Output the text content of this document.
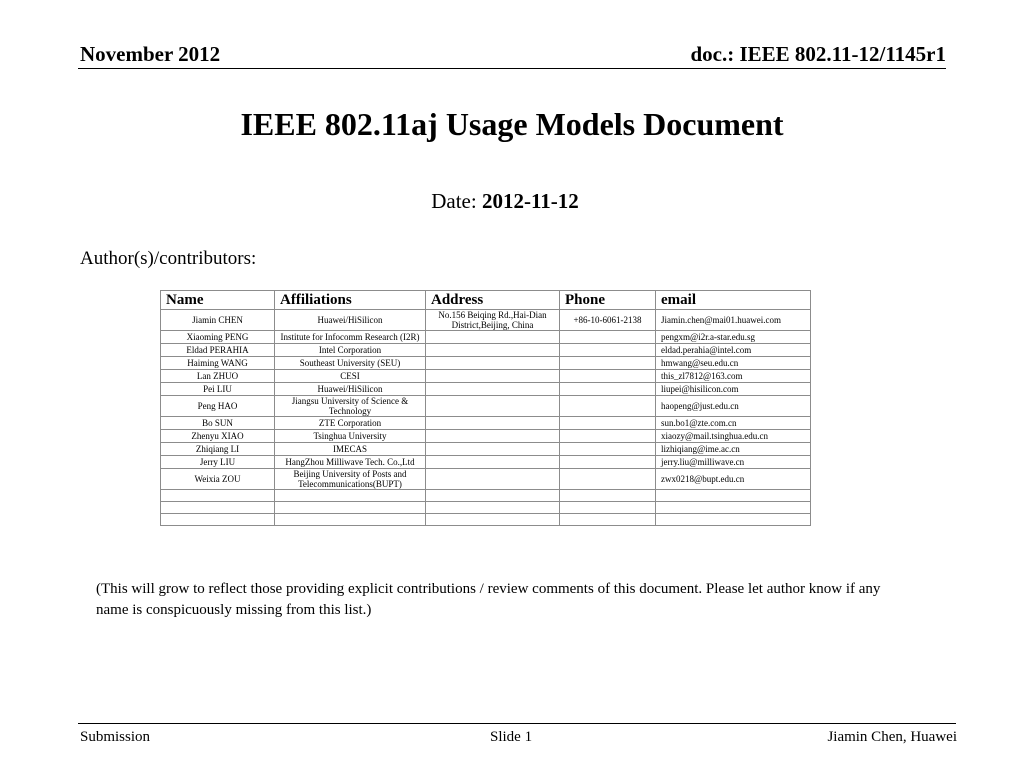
November 2012	doc.: IEEE 802.11-12/1145r1
IEEE 802.11aj Usage Models Document
Date: 2012-11-12
Author(s)/contributors:
Name	Affiliations	Address	Phone	email
Jiamin CHEN	Huawei/HiSilicon	No.156 Beiqing Rd.,Hai-Dian District,Beijing, China	+86-10-6061-2138	Jiamin.chen@mai01.huawei.com
Xiaoming PENG	Institute for Infocomm Research (I2R)			pengxm@i2r.a-star.edu.sg
Eldad PERAHIA	Intel Corporation			eldad.perahia@intel.com
Haiming WANG	Southeast University (SEU)			hmwang@seu.edu.cn
Lan ZHUO	CESI			this_zl7812@163.com
Pei LIU	Huawei/HiSilicon			liupei@hisilicon.com
Peng HAO	Jiangsu University of Science & Technology			haopeng@just.edu.cn
Bo SUN	ZTE Corporation			sun.bo1@zte.com.cn
Zhenyu XIAO	Tsinghua University			xiaozy@mail.tsinghua.edu.cn
Zhiqiang LI	IMECAS			lizhiqiang@ime.ac.cn
Jerry LIU	HangZhou Milliwave Tech. Co.,Ltd			jerry.liu@milliwave.cn
Weixia ZOU	Beijing University of Posts and Telecommunications(BUPT)			zwx0218@bupt.edu.cn

(This will grow to reflect those providing explicit contributions / review comments of this document. Please let author know if any name is conspicuously missing from this list.)
Submission	Slide 1	Jiamin Chen, Huawei
